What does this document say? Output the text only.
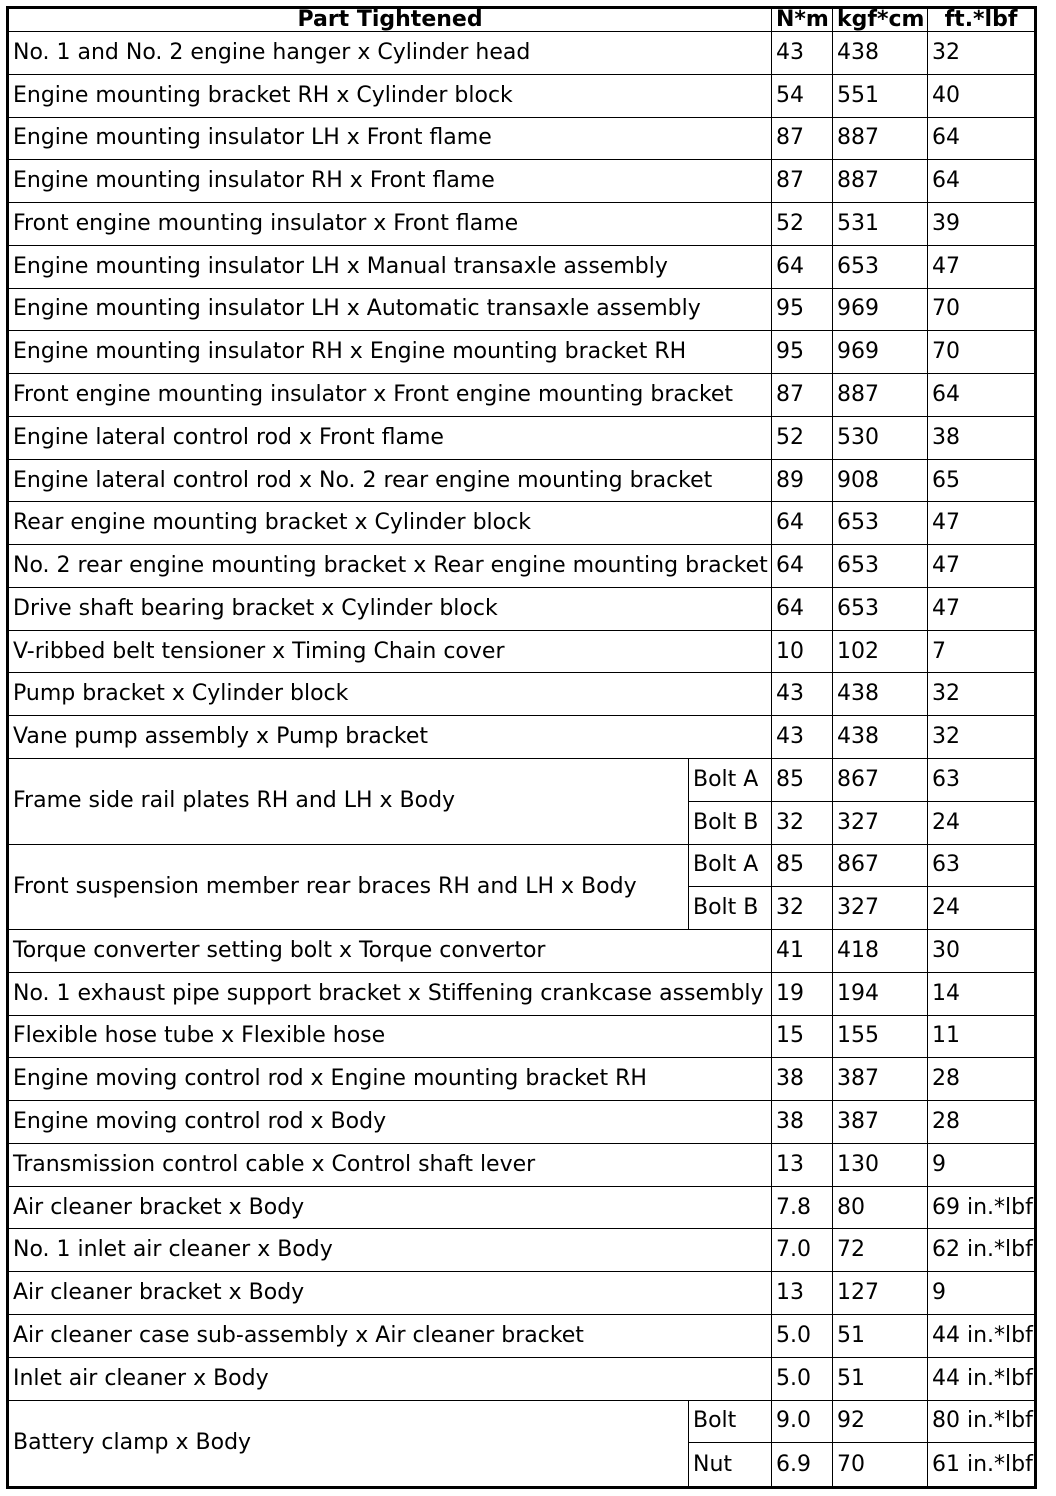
Part Tightened		N*m	kgf*cm	ft.*lbf
No. 1 and No. 2 engine hanger x Cylinder head		43	438	32
Engine mounting bracket RH x Cylinder block		54	551	40
Engine mounting insulator LH x Front flame		87	887	64
Engine mounting insulator RH x Front flame		87	887	64
Front engine mounting insulator x Front flame		52	531	39
Engine mounting insulator LH x Manual transaxle assembly		64	653	47
Engine mounting insulator LH x Automatic transaxle assembly		95	969	70
Engine mounting insulator RH x Engine mounting bracket RH		95	969	70
Front engine mounting insulator x Front engine mounting bracket		87	887	64
Engine lateral control rod x Front flame		52	530	38
Engine lateral control rod x No. 2 rear engine mounting bracket		89	908	65
Rear engine mounting bracket x Cylinder block		64	653	47
No. 2 rear engine mounting bracket x Rear engine mounting bracket		64	653	47
Drive shaft bearing bracket x Cylinder block		64	653	47
V-ribbed belt tensioner x Timing Chain cover		10	102	7
Pump bracket x Cylinder block		43	438	32
Vane pump assembly x Pump bracket		43	438	32
Frame side rail plates RH and LH x Body	Bolt A	85	867	63
	Bolt B	32	327	24
Front suspension member rear braces RH and LH x Body	Bolt A	85	867	63
	Bolt B	32	327	24
Torque converter setting bolt x Torque convertor		41	418	30
No. 1 exhaust pipe support bracket x Stiffening crankcase assembly		19	194	14
Flexible hose tube x Flexible hose		15	155	11
Engine moving control rod x Engine mounting bracket RH		38	387	28
Engine moving control rod x Body		38	387	28
Transmission control cable x Control shaft lever		13	130	9
Air cleaner bracket x Body		7.8	80	69 in.*lbf
No. 1 inlet air cleaner x Body		7.0	72	62 in.*lbf
Air cleaner bracket x Body		13	127	9
Air cleaner case sub-assembly x Air cleaner bracket		5.0	51	44 in.*lbf
Inlet air cleaner x Body		5.0	51	44 in.*lbf
Battery clamp x Body	Bolt	9.0	92	80 in.*lbf
	Nut	6.9	70	61 in.*lbf
